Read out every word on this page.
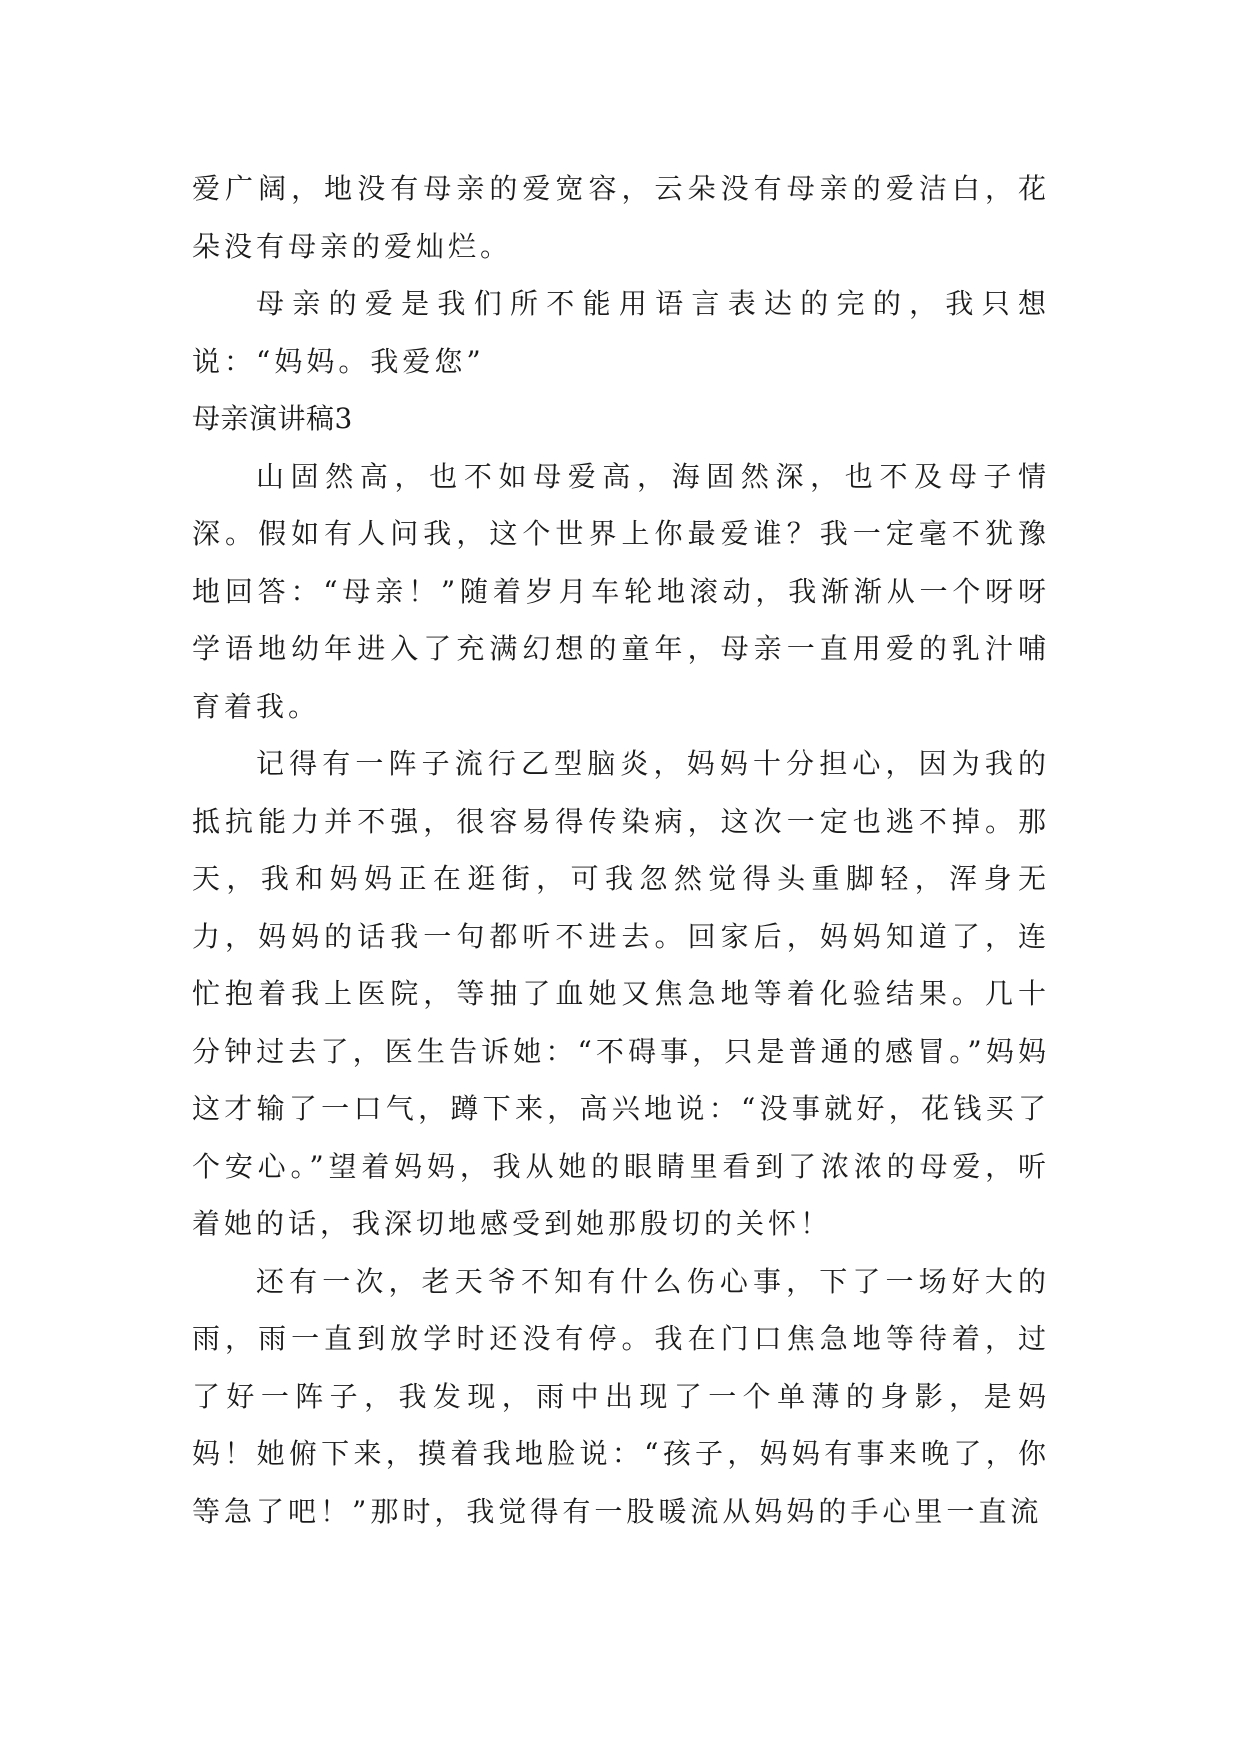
爱广阔，地没有母亲的爱宽容，云朵没有母亲的爱洁白，花朵没有母亲的爱灿烂。

母亲的爱是我们所不能用语言表达的完的，我只想说：“妈妈。我爱您”

母亲演讲稿3

山固然高，也不如母爱高，海固然深，也不及母子情深。假如有人问我，这个世界上你最爱谁？我一定毫不犹豫地回答：“母亲！”随着岁月车轮地滚动，我渐渐从一个呀呀学语地幼年进入了充满幻想的童年，母亲一直用爱的乳汁哺育着我。

记得有一阵子流行乙型脑炎，妈妈十分担心，因为我的抵抗能力并不强，很容易得传染病，这次一定也逃不掉。那天，我和妈妈正在逛街，可我忽然觉得头重脚轻，浑身无力，妈妈的话我一句都听不进去。回家后，妈妈知道了，连忙抱着我上医院，等抽了血她又焦急地等着化验结果。几十分钟过去了，医生告诉她：“不碍事，只是普通的感冒。”妈妈这才输了一口气，蹲下来，高兴地说：“没事就好，花钱买了个安心。”望着妈妈，我从她的眼睛里看到了浓浓的母爱，听着她的话，我深切地感受到她那殷切的关怀！

还有一次，老天爷不知有什么伤心事，下了一场好大的雨，雨一直到放学时还没有停。我在门口焦急地等待着，过了好一阵子，我发现，雨中出现了一个单薄的身影，是妈妈！她俯下来，摸着我地脸说：“孩子，妈妈有事来晚了，你等急了吧！”那时，我觉得有一股暖流从妈妈的手心里一直流
